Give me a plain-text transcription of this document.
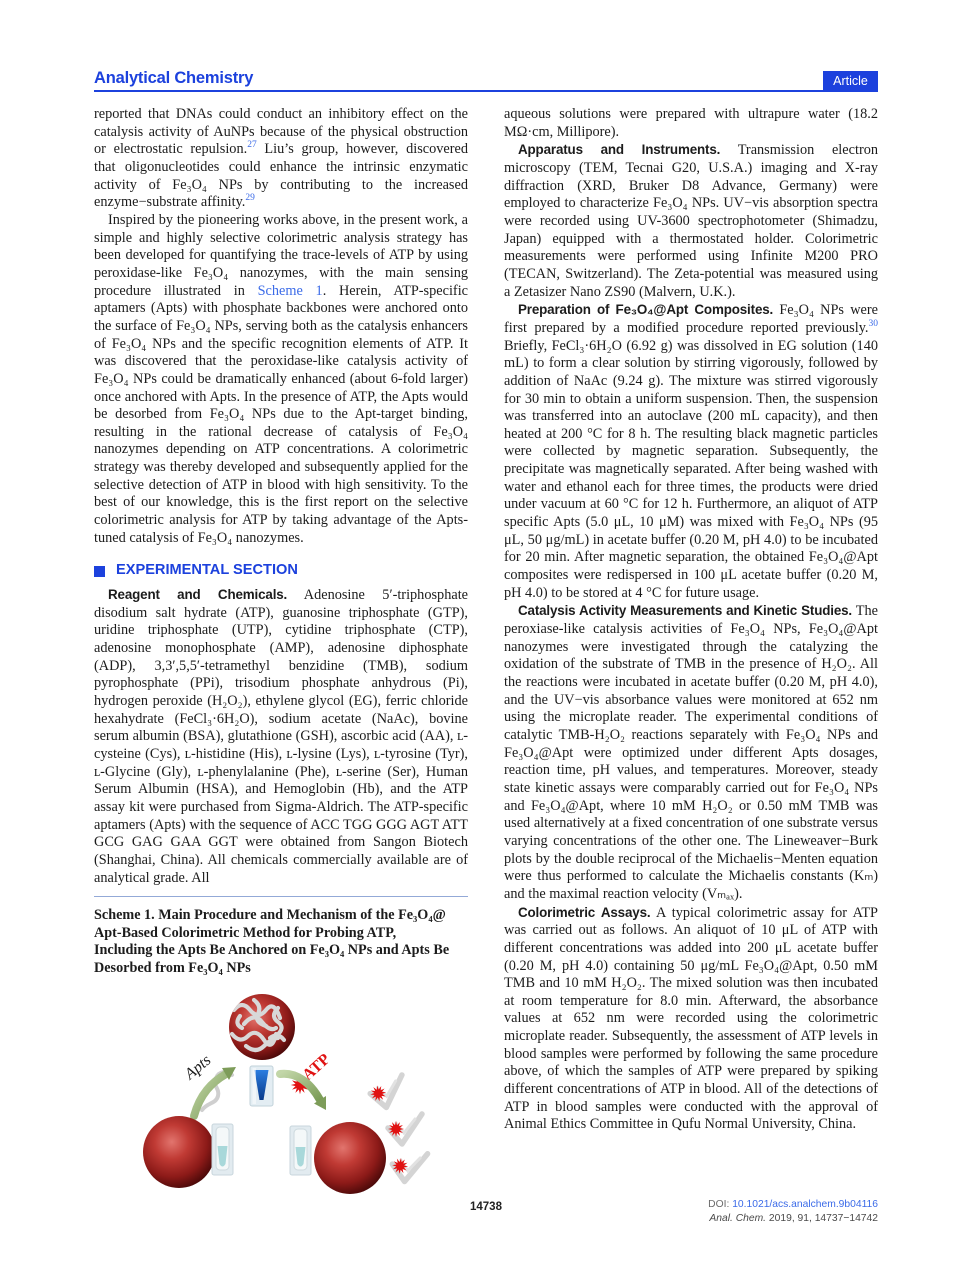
Analytical Chemistry	Article

reported that DNAs could conduct an inhibitory effect on the catalysis activity of AuNPs because of the physical obstruction or electrostatic repulsion.$^{27}$ Liu’s group, however, discovered that oligonucleotides could enhance the intrinsic enzymatic activity of Fe₃O₄ NPs by contributing to the increased enzyme−substrate affinity.$^{29}$

Inspired by the pioneering works above, in the present work, a simple and highly selective colorimetric analysis strategy has been developed for quantifying the trace-levels of ATP by using peroxidase-like Fe₃O₄ nanozymes, with the main sensing procedure illustrated in Scheme 1. Herein, ATP-specific aptamers (Apts) with phosphate backbones were anchored onto the surface of Fe₃O₄ NPs, serving both as the catalysis enhancers of Fe₃O₄ NPs and the specific recognition elements of ATP. It was discovered that the peroxidase-like catalysis activity of Fe₃O₄ NPs could be dramatically enhanced (about 6-fold larger) once anchored with Apts. In the presence of ATP, the Apts would be desorbed from Fe₃O₄ NPs due to the Apt-target binding, resulting in the rational decrease of catalysis of Fe₃O₄ nanozymes depending on ATP concentrations. A colorimetric strategy was thereby developed and subsequently applied for the selective detection of ATP in blood with high sensitivity. To the best of our knowledge, this is the first report on the selective colorimetric analysis for ATP by taking advantage of the Apts-tuned catalysis of Fe₃O₄ nanozymes.

EXPERIMENTAL SECTION

Reagent and Chemicals. Adenosine 5′-triphosphate disodium salt hydrate (ATP), guanosine triphosphate (GTP), uridine triphosphate (UTP), cytidine triphosphate (CTP), adenosine monophosphate (AMP), adenosine diphosphate (ADP), 3,3′,5,5′-tetramethyl benzidine (TMB), sodium pyrophosphate (PPi), trisodium phosphate anhydrous (Pi), hydrogen peroxide (H₂O₂), ethylene glycol (EG), ferric chloride hexahydrate (FeCl₃·6H₂O), sodium acetate (NaAc), bovine serum albumin (BSA), glutathione (GSH), ascorbic acid (AA), ʟ-cysteine (Cys), ʟ-histidine (His), ʟ-lysine (Lys), ʟ-tyrosine (Tyr), ʟ-Glycine (Gly), ʟ-phenylalanine (Phe), ʟ-serine (Ser), Human Serum Albumin (HSA), and Hemoglobin (Hb), and the ATP assay kit were purchased from Sigma-Aldrich. The ATP-specific aptamers (Apts) with the sequence of ACC TGG GGG AGT ATT GCG GAG GAA GGT were obtained from Sangon Biotech (Shanghai, China). All chemicals commercially available are of analytical grade. All

Scheme 1. Main Procedure and Mechanism of the Fe₃O₄@
Apt-Based Colorimetric Method for Probing ATP,
Including the Apts Be Anchored on Fe₃O₄ NPs and Apts Be
Desorbed from Fe₃O₄ NPs
Apts	ATP

aqueous solutions were prepared with ultrapure water (18.2 MΩ·cm, Millipore).

Apparatus and Instruments. Transmission electron microscopy (TEM, Tecnai G20, U.S.A.) imaging and X-ray diffraction (XRD, Bruker D8 Advance, Germany) were employed to characterize Fe₃O₄ NPs. UV−vis absorption spectra were recorded using UV-3600 spectrophotometer (Shimadzu, Japan) equipped with a thermostated holder. Colorimetric measurements were performed using Infinite M200 PRO (TECAN, Switzerland). The Zeta-potential was measured using a Zetasizer Nano ZS90 (Malvern, U.K.).

Preparation of Fe₃O₄@Apt Composites. Fe₃O₄ NPs were first prepared by a modified procedure reported previously.$^{30}$ Briefly, FeCl₃·6H₂O (6.92 g) was dissolved in EG solution (140 mL) to form a clear solution by stirring vigorously, followed by addition of NaAc (9.24 g). The mixture was stirred vigorously for 30 min to obtain a uniform suspension. Then, the suspension was transferred into an autoclave (200 mL capacity), and then heated at 200 °C for 8 h. The resulting black magnetic particles were collected by magnetic separation. Subsequently, the precipitate was magnetically separated. After being washed with water and ethanol each for three times, the products were dried under vacuum at 60 °C for 12 h. Furthermore, an aliquot of ATP specific Apts (5.0 μL, 10 μM) was mixed with Fe₃O₄ NPs (95 μL, 50 μg/mL) in acetate buffer (0.20 M, pH 4.0) to be incubated for 20 min. After magnetic separation, the obtained Fe₃O₄@Apt composites were redispersed in 100 μL acetate buffer (0.20 M, pH 4.0) to be stored at 4 °C for future usage.

Catalysis Activity Measurements and Kinetic Studies. The peroxiase-like catalysis activities of Fe₃O₄ NPs, Fe₃O₄@Apt nanozymes were investigated through the catalyzing the oxidation of the substrate of TMB in the presence of H₂O₂. All the reactions were incubated in acetate buffer (0.20 M, pH 4.0), and the UV−vis absorbance values were monitored at 652 nm using the microplate reader. The experimental conditions of catalytic TMB-H₂O₂ reactions separately with Fe₃O₄ NPs and Fe₃O₄@Apt were optimized under different Apts dosages, reaction time, pH values, and temperatures. Moreover, steady state kinetic assays were comparably carried out for Fe₃O₄ NPs and Fe₃O₄@Apt, where 10 mM H₂O₂ or 0.50 mM TMB was used alternatively at a fixed concentration of one substrate versus varying concentrations of the other one. The Lineweaver−Burk plots by the double reciprocal of the Michaelis−Menten equation were thus performed to calculate the Michaelis constants (Kₘ) and the maximal reaction velocity (Vₘₐₓ).

Colorimetric Assays. A typical colorimetric assay for ATP was carried out as follows. An aliquot of 10 μL of ATP with different concentrations was added into 200 μL acetate buffer (0.20 M, pH 4.0) containing 50 μg/mL Fe₃O₄@Apt, 0.50 mM TMB and 10 mM H₂O₂. The mixed solution was then incubated at room temperature for 8.0 min. Afterward, the absorbance values at 652 nm were recorded using the colorimetric microplate reader. Subsequently, the assessment of ATP levels in blood samples were performed by following the same procedure above, of which the samples of ATP were prepared by spiking different concentrations of ATP in blood. All of the detections of ATP in blood samples were conducted with the approval of Animal Ethics Committee in Qufu Normal University, China.

14738	DOI: 10.1021/acs.analchem.9b04116
Anal. Chem. 2019, 91, 14737−14742
